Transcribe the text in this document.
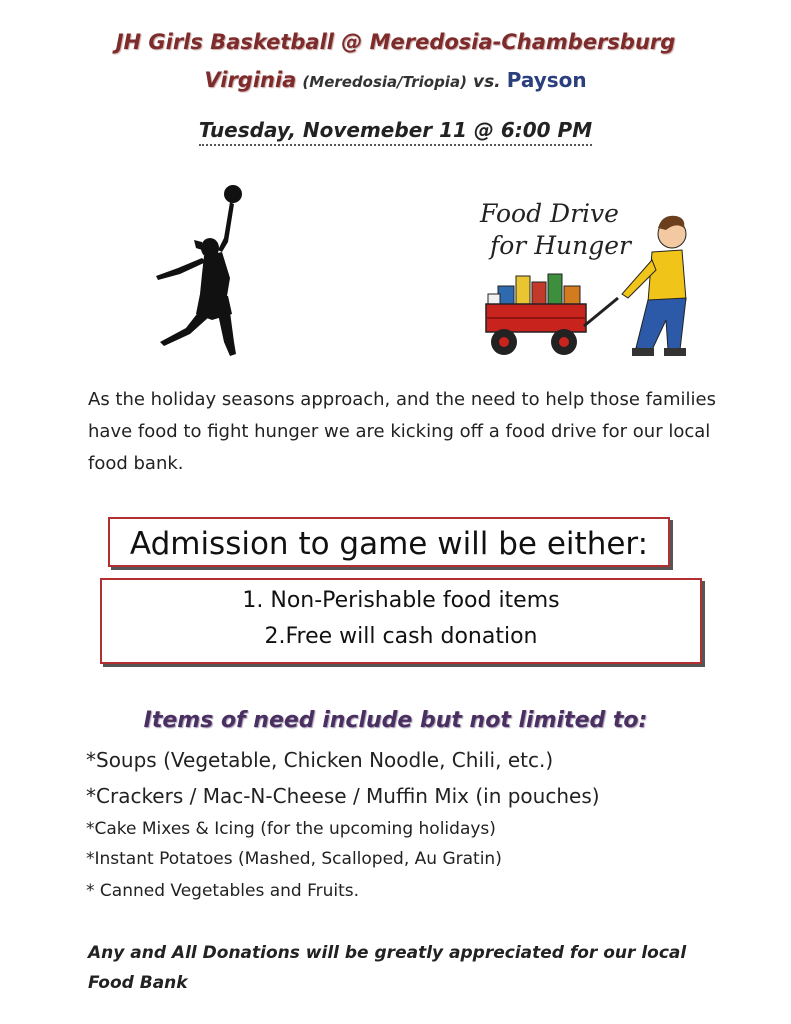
JH Girls Basketball @ Meredosia-Chambersburg
Virginia (Meredosia/Triopia) vs. Payson
Tuesday, Novemeber 11 @ 6:00 PM
Food Drive
for Hunger
As the holiday seasons approach, and the need to help those families have food to fight hunger we are kicking off a food drive for our local food bank.
Admission to game will be either:
1. Non-Perishable food items
2.Free will cash donation
Items of need include but not limited to:
*Soups (Vegetable, Chicken Noodle, Chili, etc.)
*Crackers / Mac-N-Cheese / Muffin Mix (in pouches)
*Cake Mixes & Icing (for the upcoming holidays)
*Instant Potatoes (Mashed, Scalloped, Au Gratin)
* Canned Vegetables and Fruits.
Any and All Donations will be greatly appreciated for our local Food Bank
